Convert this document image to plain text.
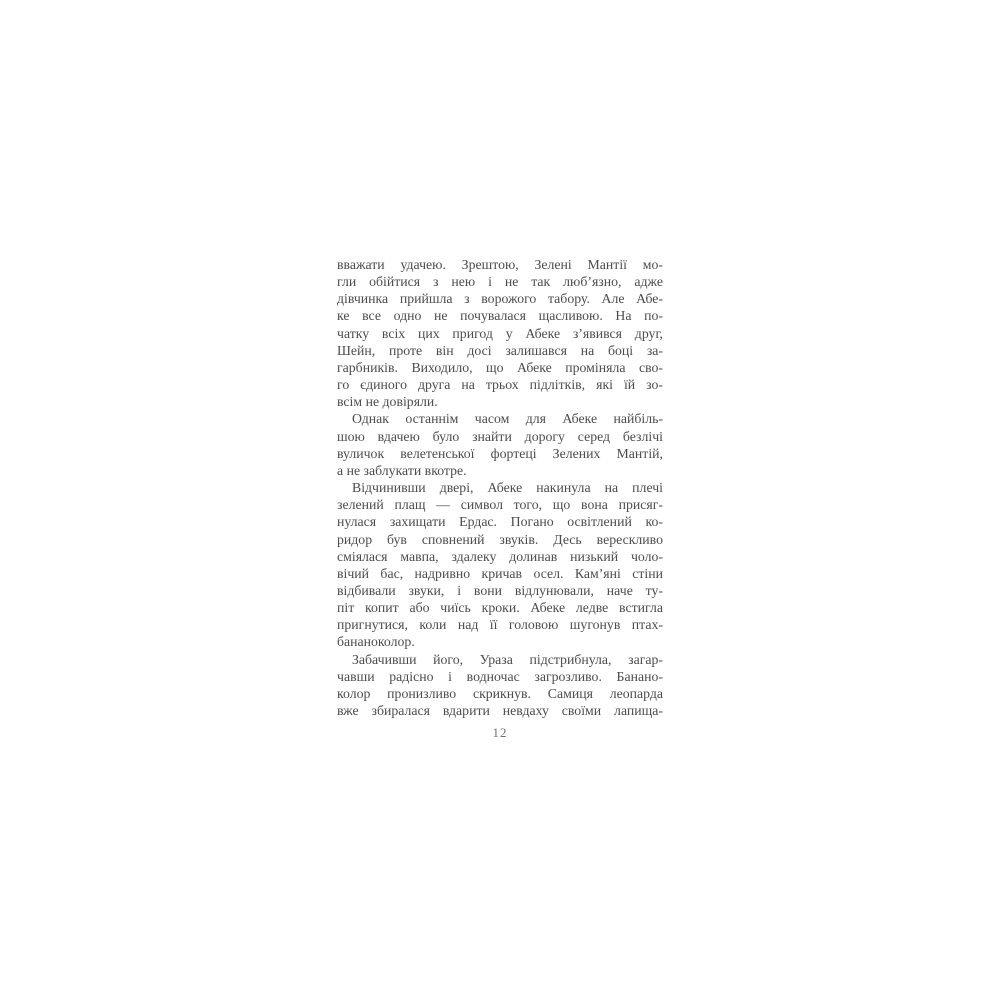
вважати удачею. Зрештою, Зелені Мантії мо-
гли обійтися з нею і не так люб’язно, адже
дівчинка прийшла з ворожого табору. Але Абе-
ке все одно не почувалася щасливою. На по-
чатку всіх цих пригод у Абеке з’явився друг,
Шейн, проте він досі залишався на боці за-
гарбників. Виходило, що Абеке проміняла сво-
го єдиного друга на трьох підлітків, які їй зо-
всім не довіряли.
Однак останнім часом для Абеке найбіль-
шою вдачею було знайти дорогу серед безлічі
вуличок велетенської фортеці Зелених Мантій,
а не заблукати вкотре.
Відчинивши двері, Абеке накинула на плечі
зелений плащ — символ того, що вона присяг-
нулася захищати Ердас. Погано освітлений ко-
ридор був сповнений звуків. Десь верескливо
сміялася мавпа, здалеку долинав низький чоло-
вічий бас, надривно кричав осел. Кам’яні стіни
відбивали звуки, і вони відлунювали, наче ту-
піт копит або чиїсь кроки. Абеке ледве встигла
пригнутися, коли над її головою шугонув птах-
бананоколор.
Забачивши його, Ураза підстрибнула, загар-
чавши радісно і водночас загрозливо. Банано-
колор пронизливо скрикнув. Самиця леопарда
вже збиралася вдарити невдаху своїми лапища-
12
